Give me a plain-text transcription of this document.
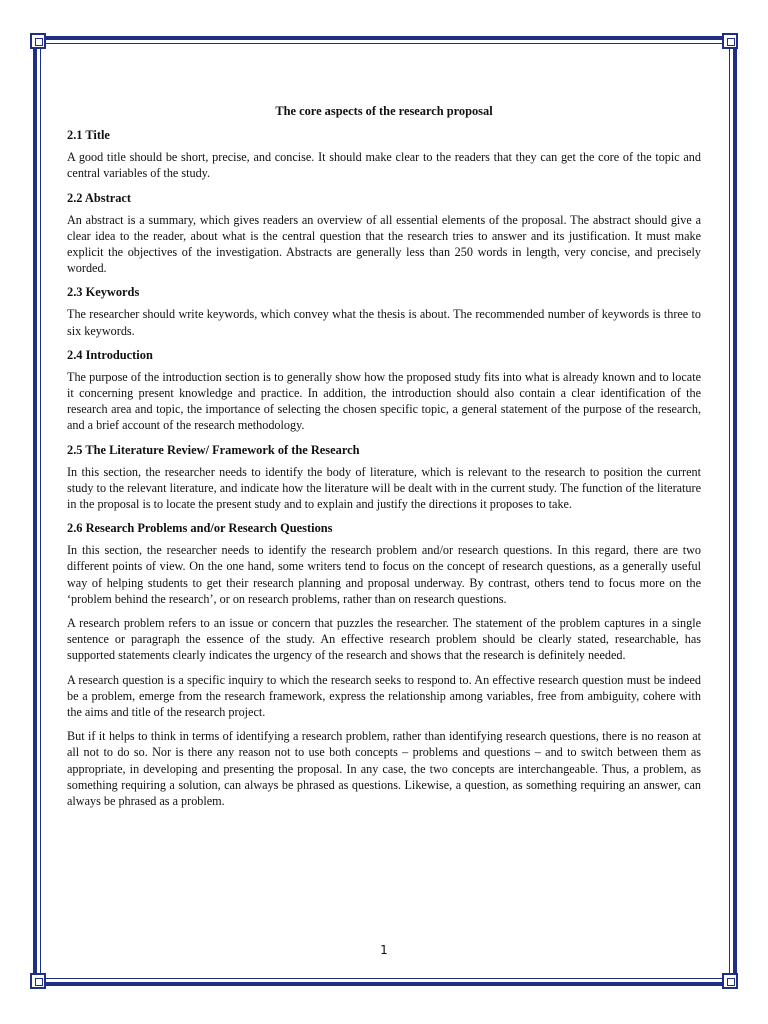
The core aspects of the research proposal
2.1 Title

A good title should be short, precise, and concise. It should make clear to the readers that they can get the core of the topic and central variables of the study.

2.2 Abstract

An abstract is a summary, which gives readers an overview of all essential elements of the proposal. The abstract should give a clear idea to the reader, about what is the central question that the research tries to answer and its justification. It must make explicit the objectives of the investigation. Abstracts are generally less than 250 words in length, very concise, and precisely worded.

2.3 Keywords

The researcher should write keywords, which convey what the thesis is about. The recommended number of keywords is three to six keywords.

2.4 Introduction

The purpose of the introduction section is to generally show how the proposed study fits into what is already known and to locate it concerning present knowledge and practice. In addition, the introduction should also contain a clear identification of the research area and topic, the importance of selecting the chosen specific topic, a general statement of the purpose of the research, and a brief account of the research methodology.

2.5 The Literature Review/ Framework of the Research

In this section, the researcher needs to identify the body of literature, which is relevant to the research to position the current study to the relevant literature, and indicate how the literature will be dealt with in the current study. The function of the literature in the proposal is to locate the present study and to explain and justify the directions it proposes to take.

2.6 Research Problems and/or Research Questions

In this section, the researcher needs to identify the research problem and/or research questions. In this regard, there are two different points of view. On the one hand, some writers tend to focus on the concept of research questions, as a generally useful way of helping students to get their research planning and proposal underway. By contrast, others tend to focus more on the ‘problem behind the research’, or on research problems, rather than on research questions.

A research problem refers to an issue or concern that puzzles the researcher. The statement of the problem captures in a single sentence or paragraph the essence of the study. An effective research problem should be clearly stated, researchable, has supported statements clearly indicates the urgency of the research and shows that the research is definitely needed.

A research question is a specific inquiry to which the research seeks to respond to. An effective research question must be indeed be a problem, emerge from the research framework, express the relationship among variables, free from ambiguity, cohere with the aims and title of the research project.

But if it helps to think in terms of identifying a research problem, rather than identifying research questions, there is no reason at all not to do so. Nor is there any reason not to use both concepts – problems and questions – and to switch between them as appropriate, in developing and presenting the proposal. In any case, the two concepts are interchangeable. Thus, a problem, as something requiring a solution, can always be phrased as questions. Likewise, a question, as something requiring an answer, can always be phrased as a problem.

1
